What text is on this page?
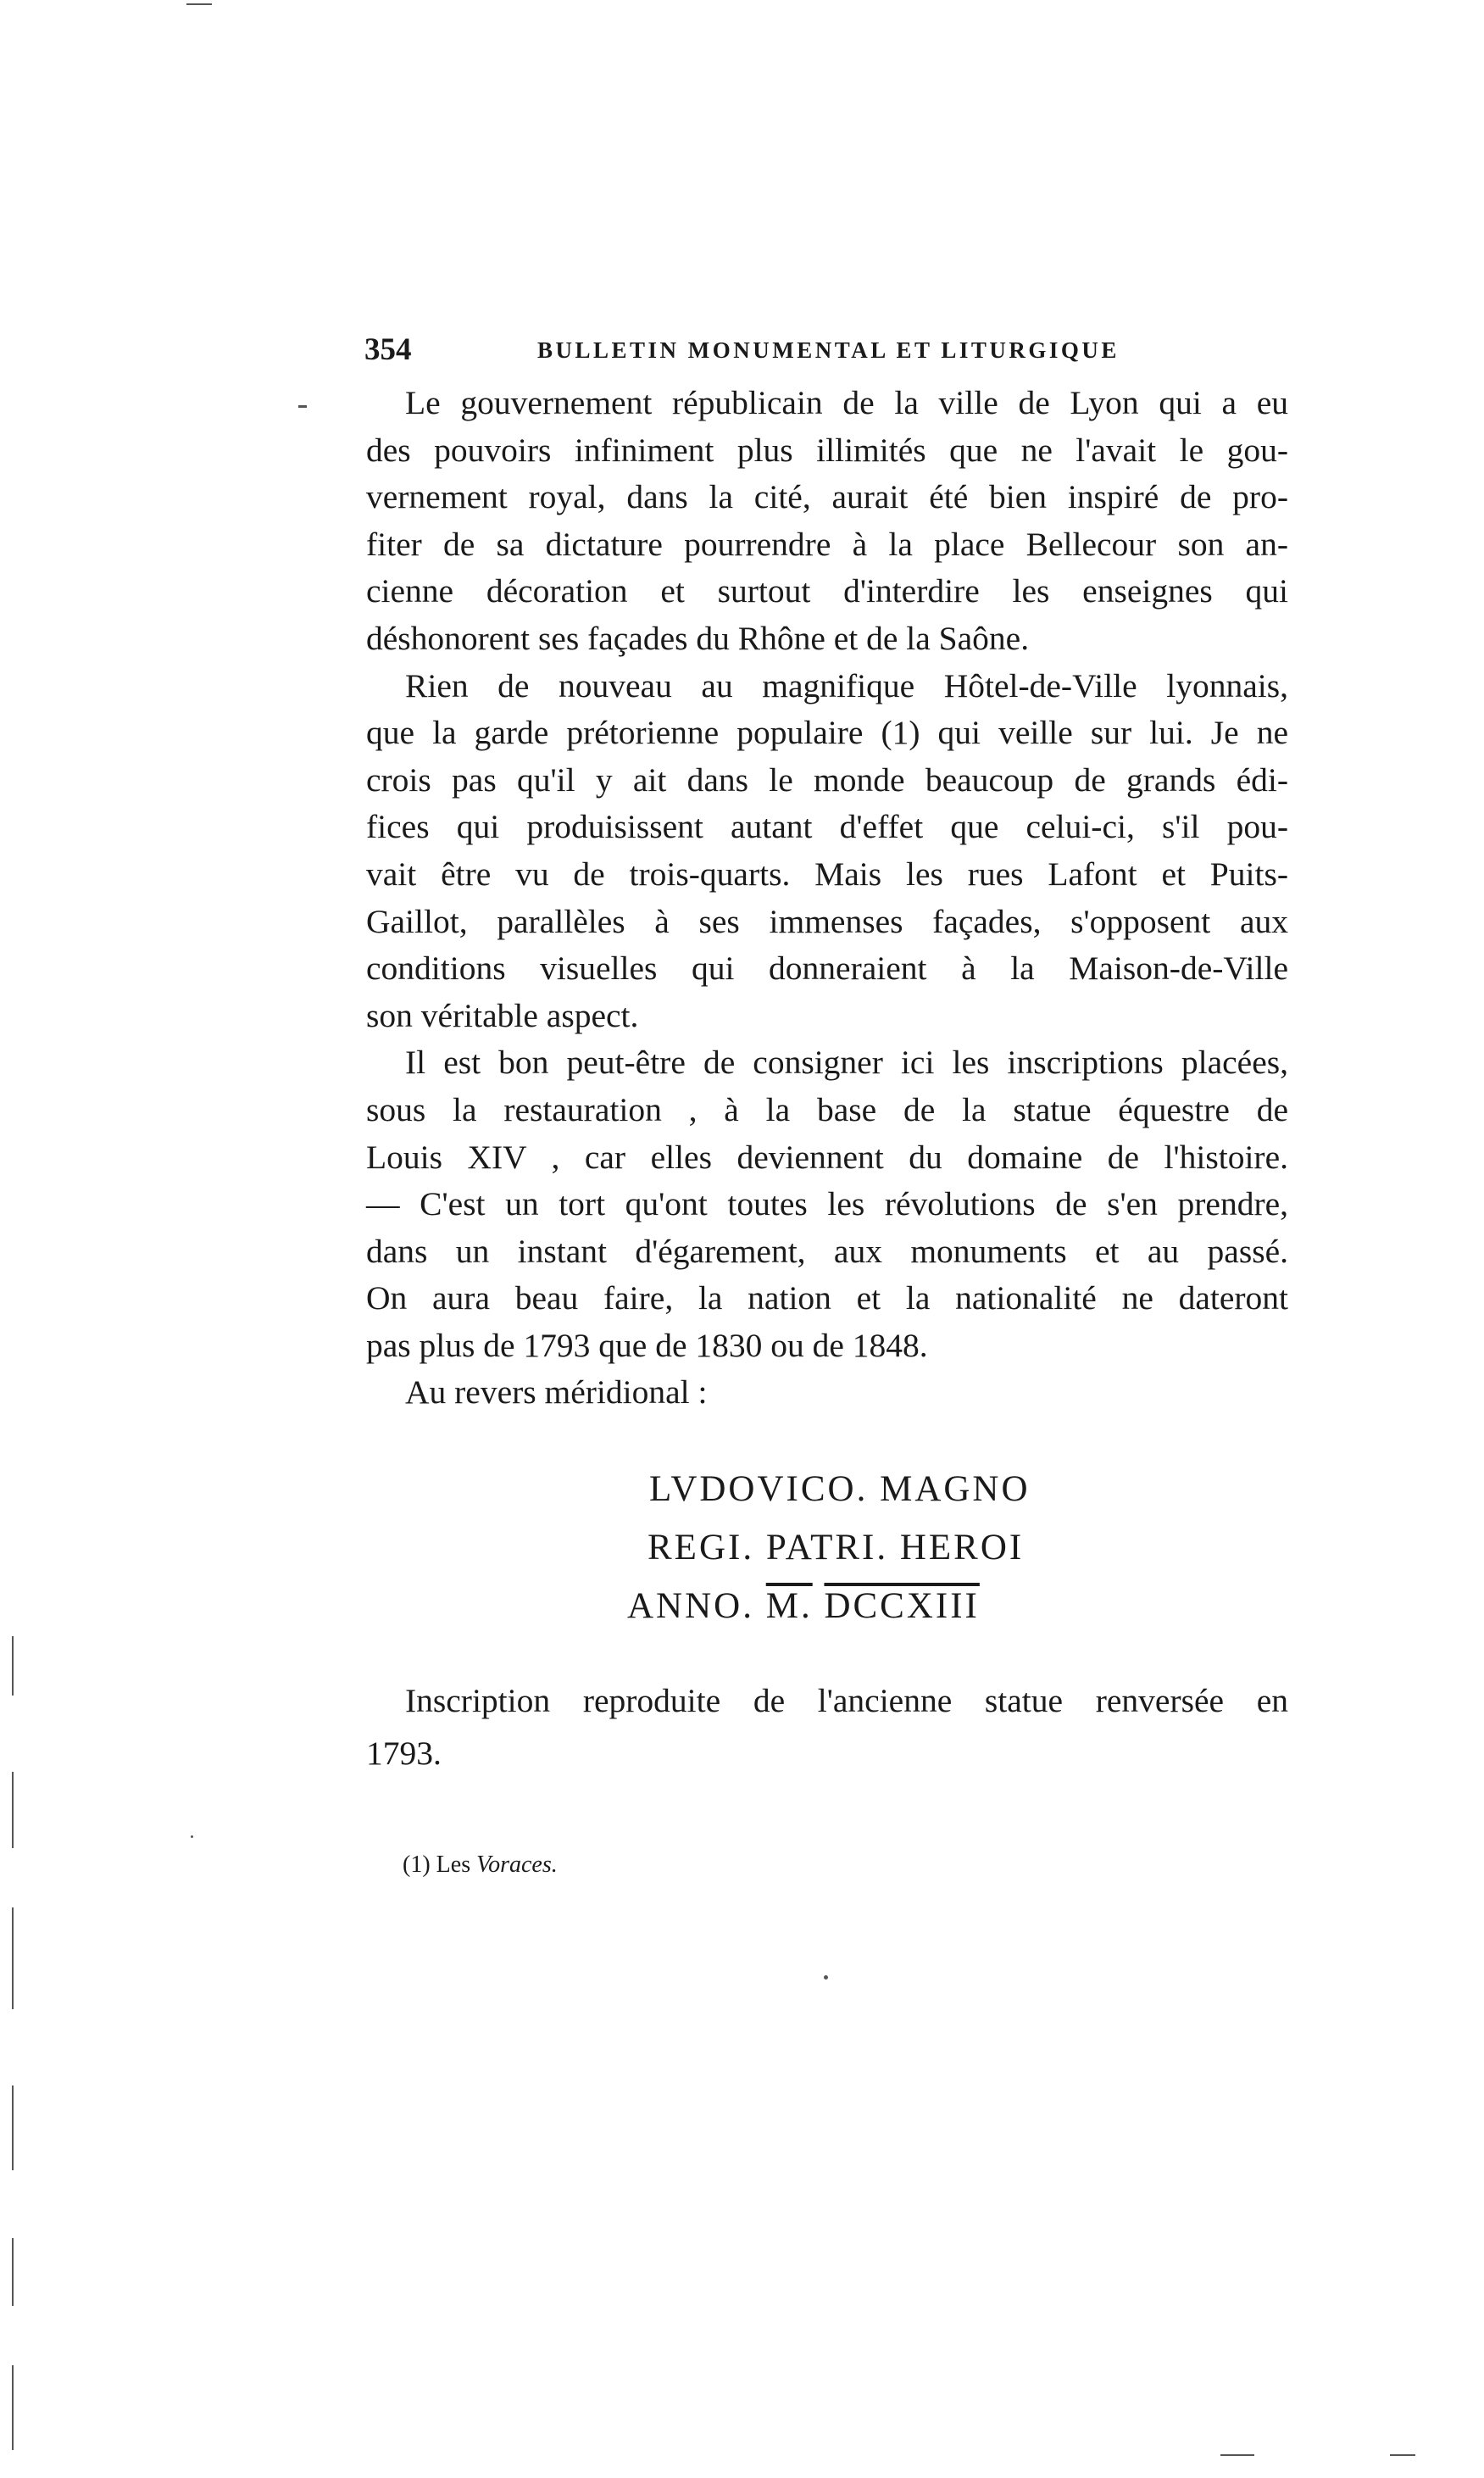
354	BULLETIN MONUMENTAL ET LITURGIQUE

Le gouvernement républicain de la ville de Lyon qui a eu
des pouvoirs infiniment plus illimités que ne l'avait le gou-
vernement royal, dans la cité, aurait été bien inspiré de pro-
fiter de sa dictature pourrendre à la place Bellecour son an-
cienne décoration et surtout d'interdire les enseignes qui
déshonorent ses façades du Rhône et de la Saône.

Rien de nouveau au magnifique Hôtel-de-Ville lyonnais,
que la garde prétorienne populaire (1) qui veille sur lui. Je ne
crois pas qu'il y ait dans le monde beaucoup de grands édi-
fices qui produisissent autant d'effet que celui-ci, s'il pou-
vait être vu de trois-quarts. Mais les rues Lafont et Puits-
Gaillot, parallèles à ses immenses façades, s'opposent aux
conditions visuelles qui donneraient à la Maison-de-Ville
son véritable aspect.

Il est bon peut-être de consigner ici les inscriptions placées,
sous la restauration , à la base de la statue équestre de
Louis XIV , car elles deviennent du domaine de l'histoire.
— C'est un tort qu'ont toutes les révolutions de s'en prendre,
dans un instant d'égarement, aux monuments et au passé.
On aura beau faire, la nation et la nationalité ne dateront
pas plus de 1793 que de 1830 ou de 1848.

Au revers méridional :

LVDOVICO. MAGNO
REGI. PATRI. HEROI
ANNO. M. DCCXIII

Inscription reproduite de l'ancienne statue renversée en

1793.

(1) Les Voraces.
